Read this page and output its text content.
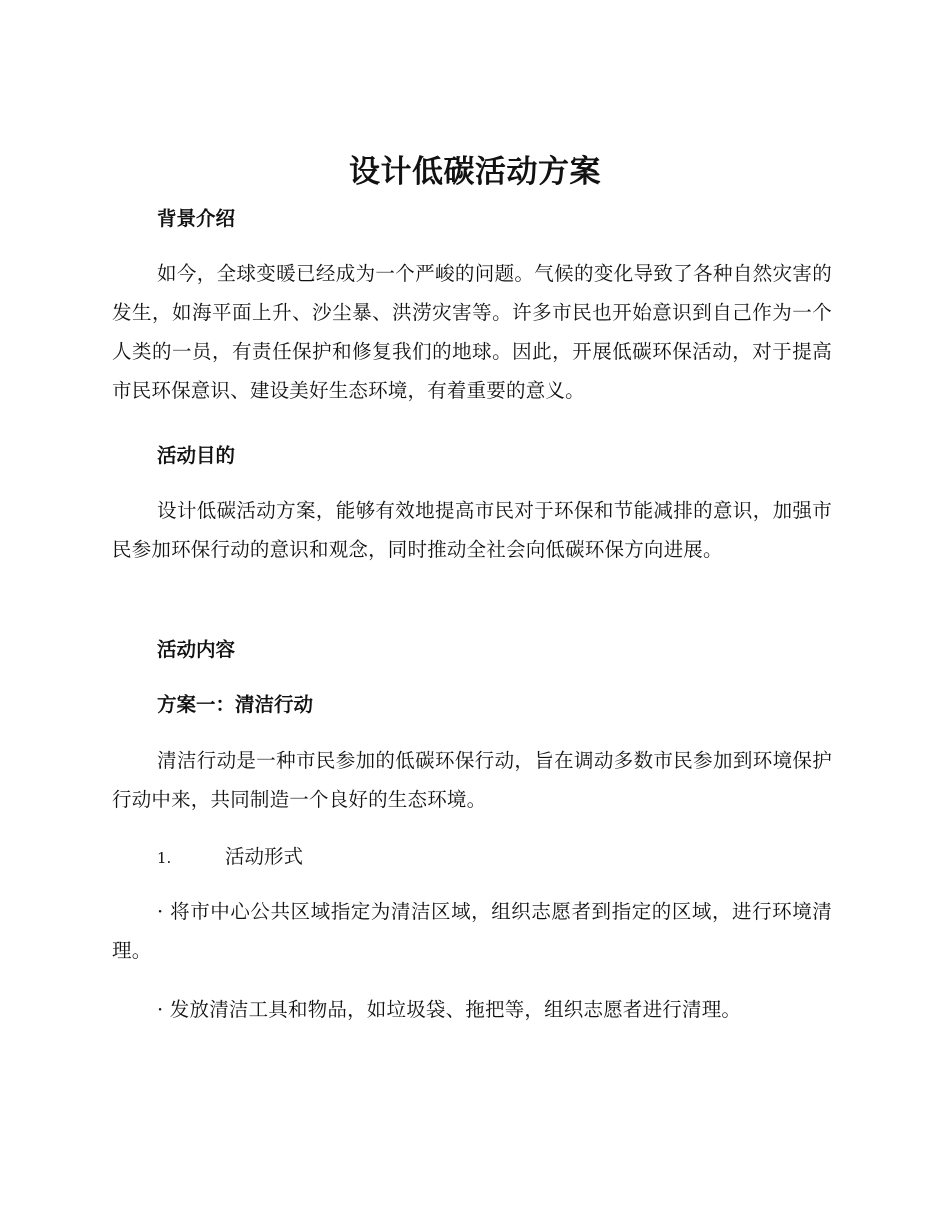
设计低碳活动方案
背景介绍
如今，全球变暖已经成为一个严峻的问题。气候的变化导致了各种自然灾害的发生，如海平面上升、沙尘暴、洪涝灾害等。许多市民也开始意识到自己作为一个人类的一员，有责任保护和修复我们的地球。因此，开展低碳环保活动，对于提高市民环保意识、建设美好生态环境，有着重要的意义。
活动目的
设计低碳活动方案，能够有效地提高市民对于环保和节能减排的意识，加强市民参加环保行动的意识和观念，同时推动全社会向低碳环保方向进展。
活动内容
方案一：清洁行动
清洁行动是一种市民参加的低碳环保行动，旨在调动多数市民参加到环境保护行动中来，共同制造一个良好的生态环境。
1.	活动形式
· 将市中心公共区域指定为清洁区域，组织志愿者到指定的区域，进行环境清理。
· 发放清洁工具和物品，如垃圾袋、拖把等，组织志愿者进行清理。
